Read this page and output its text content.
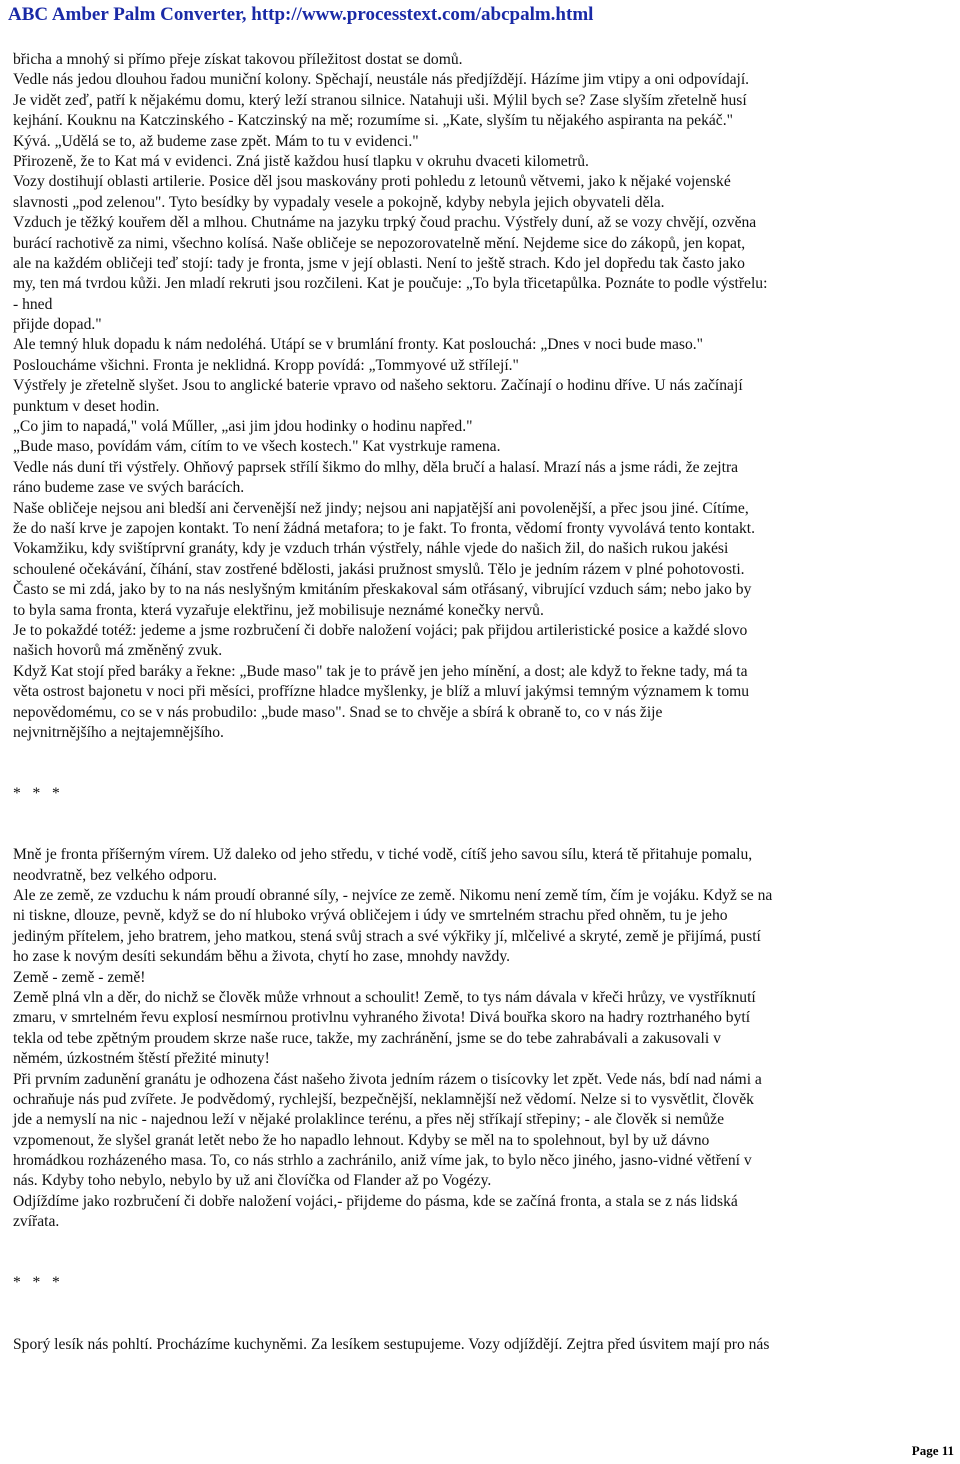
ABC Amber Palm Converter, http://www.processtext.com/abcpalm.html
břicha a mnohý si přímo přeje získat takovou příležitost dostat se domů.
Vedle nás jedou dlouhou řadou muniční kolony. Spěchají, neustále nás předjíždějí. Házíme jim vtipy a oni odpovídají.
Je vidět zeď, patří k nějakému domu, který leží stranou silnice. Natahuji uši. Mýlil bych se? Zase slyším zřetelně husí
kejhání. Kouknu na Katczinského - Katczinský na mě; rozumíme si. „Kate, slyším tu nějakého aspiranta na pekáč."
Kývá. „Udělá se to, až budeme zase zpět. Mám to tu v evidenci."
Přirozeně, že to Kat má v evidenci. Zná jistě každou husí tlapku v okruhu dvaceti kilometrů.
Vozy dostihují oblasti artilerie. Posice děl jsou maskovány proti pohledu z letounů větvemi, jako k nějaké vojenské
slavnosti „pod zelenou". Tyto besídky by vypadaly vesele a pokojně, kdyby nebyla jejich obyvateli děla.
Vzduch je těžký kouřem děl a mlhou. Chutnáme na jazyku trpký čoud prachu. Výstřely duní, až se vozy chvějí, ozvěna
burácí rachotivě za nimi, všechno kolísá. Naše obličeje se nepozorovatelně mění. Nejdeme sice do zákopů, jen kopat,
ale na každém obličeji teď stojí: tady je fronta, jsme v její oblasti. Není to ještě strach. Kdo jel dopředu tak často jako
my, ten má tvrdou kůži. Jen mladí rekruti jsou rozčileni. Kat je poučuje: „To byla třicetapůlka. Poznáte to podle výstřelu:
- hned
přijde dopad."
Ale temný hluk dopadu k nám nedoléhá. Utápí se v brumlání fronty. Kat poslouchá: „Dnes v noci bude maso."
Posloucháme všichni. Fronta je neklidná. Kropp povídá: „Tommyové už střílejí."
Výstřely je zřetelně slyšet. Jsou to anglické baterie vpravo od našeho sektoru. Začínají o hodinu dříve. U nás začínají
punktum v deset hodin.
„Co jim to napadá," volá Műller, „asi jim jdou hodinky o hodinu napřed."
„Bude maso, povídám vám, cítím to ve všech kostech." Kat vystrkuje ramena.
Vedle nás duní tři výstřely. Ohňový paprsek střílí šikmo do mlhy, děla bručí a halasí. Mrazí nás a jsme rádi, že zejtra
ráno budeme zase ve svých barácích.
Naše obličeje nejsou ani bledší ani červenější než jindy; nejsou ani napjatější ani povolenější, a přec jsou jiné. Cítíme,
že do naší krve je zapojen kontakt. To není žádná metafora; to je fakt. To fronta, vědomí fronty vyvolává tento kontakt.
Vokamžiku, kdy svištíprvní granáty, kdy je vzduch trhán výstřely, náhle vjede do našich žil, do našich rukou jakési
schoulené očekávání, číhání, stav zostřené bdělosti, jakási pružnost smyslů. Tělo je jedním rázem v plné pohotovosti.
Často se mi zdá, jako by to na nás neslyšným kmitáním přeskakoval sám otřásaný, vibrující vzduch sám; nebo jako by
to byla sama fronta, která vyzařuje elektřinu, jež mobilisuje neznámé konečky nervů.
Je to pokaždé totéž: jedeme a jsme rozbručení či dobře naložení vojáci; pak přijdou artileristické posice a každé slovo
našich hovorů má změněný zvuk.
Když Kat stojí před baráky a řekne: „Bude maso" tak je to právě jen jeho mínění, a dost; ale když to řekne tady, má ta
věta ostrost bajonetu v noci při měsíci, profřízne hladce myšlenky, je blíž a mluví jakýmsi temným významem k tomu
nepovědomému, co se v nás probudilo: „bude maso". Snad se to chvěje a sbírá k obraně to, co v nás žije
nejvnitrnějšího a nejtajemnějšího.
*   *   *
Mně je fronta příšerným vírem. Už daleko od jeho středu, v tiché vodě, cítíš jeho savou sílu, která tě přitahuje pomalu,
neodvratně, bez velkého odporu.
Ale ze země, ze vzduchu k nám proudí obranné síly, - nejvíce ze země. Nikomu není země tím, čím je vojáku. Když se na
ni tiskne, dlouze, pevně, když se do ní hluboko vrývá obličejem i údy ve smrtelném strachu před ohněm, tu je jeho
jediným přítelem, jeho bratrem, jeho matkou, stená svůj strach a své výkřiky jí, mlčelivé a skryté, země je přijímá, pustí
ho zase k novým desíti sekundám běhu a života, chytí ho zase, mnohdy navždy.
Země - země - země!
Země plná vln a děr, do nichž se člověk může vrhnout a schoulit! Země, to tys nám dávala v křeči hrůzy, ve vystříknutí
zmaru, v smrtelném řevu explosí nesmírnou protivlnu vyhraného života! Divá bouřka skoro na hadry roztrhaného bytí
tekla od tebe zpětným proudem skrze naše ruce, takže, my zachránění, jsme se do tebe zahrabávali a zakusovali v
němém, úzkostném štěstí přežité minuty!
Při prvním zadunění granátu je odhozena část našeho života jedním rázem o tisícovky let zpět. Vede nás, bdí nad námi a
ochraňuje nás pud zvířete. Je podvědomý, rychlejší, bezpečnější, neklamnější než vědomí. Nelze si to vysvětlit, člověk
jde a nemyslí na nic - najednou leží v nějaké prolaklince terénu, a přes něj stříkají střepiny; - ale člověk si nemůže
vzpomenout, že slyšel granát letět nebo že ho napadlo lehnout. Kdyby se měl na to spolehnout, byl by už dávno
hromádkou rozházeného masa. To, co nás strhlo a zachránilo, aniž víme jak, to bylo něco jiného, jasno-vidné větření v
nás. Kdyby toho nebylo, nebylo by už ani človíčka od Flander až po Vogézy.
Odjíždíme jako rozbručení či dobře naložení vojáci,- přijdeme do pásma, kde se začíná fronta, a stala se z nás lidská
zvířata.
*   *   *
Sporý lesík nás pohltí. Procházíme kuchyněmi. Za lesíkem sestupujeme. Vozy odjíždějí. Zejtra před úsvitem mají pro nás
Page 11
